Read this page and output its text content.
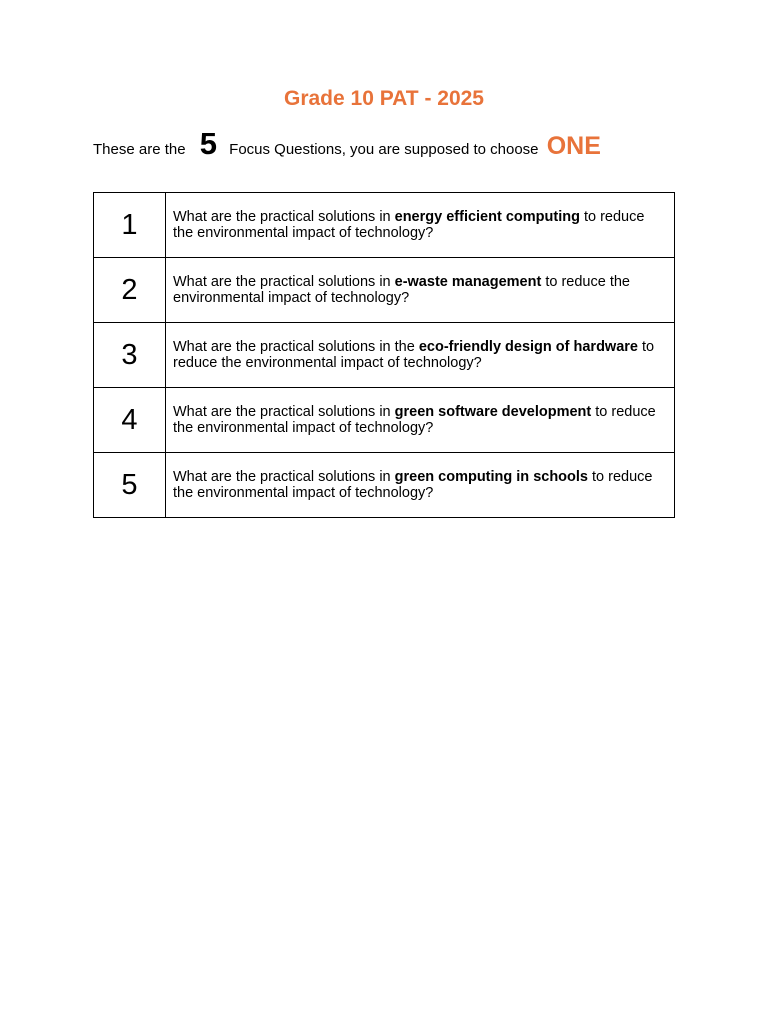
Grade 10 PAT - 2025
These are the 5 Focus Questions, you are supposed to choose ONE
1	What are the practical solutions in energy efficient computing to reduce the environmental impact of technology?
2	What are the practical solutions in e-waste management to reduce the environmental impact of technology?
3	What are the practical solutions in the eco-friendly design of hardware to reduce the environmental impact of technology?
4	What are the practical solutions in green software development to reduce the environmental impact of technology?
5	What are the practical solutions in green computing in schools to reduce the environmental impact of technology?
